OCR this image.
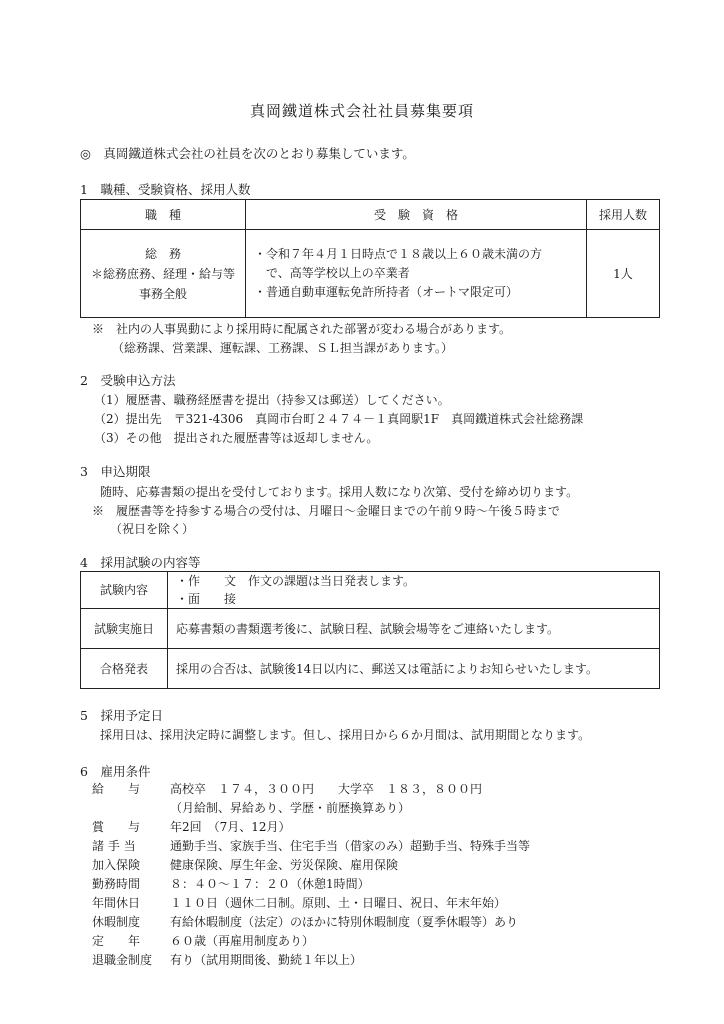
真岡鐵道株式会社社員募集要項
◎　真岡鐵道株式会社の社員を次のとおり募集しています。
1　職種、受験資格、採用人数
職　種	受　験　資　格	採用人数

総　務
＊総務庶務、経理・給与等
事務全般	・令和７年４月１日時点で１８歳以上６０歳未満の方
　で、高等学校以上の卒業者
・普通自動車運転免許所持者（オートマ限定可）	1人
※　社内の人事異動により採用時に配属された部署が変わる場合があります。
（総務課、営業課、運転課、工務課、ＳＬ担当課があります。）
2　受験申込方法
（1）履歴書、職務経歴書を提出（持参又は郵送）してください。
（2）提出先　〒321-4306　真岡市台町２４７４－１真岡駅1F　真岡鐵道株式会社総務課
（3）その他　提出された履歴書等は返却しません。
3　申込期限
随時、応募書類の提出を受付しております。採用人数になり次第、受付を締め切ります。
※　履歴書等を持参する場合の受付は、月曜日～金曜日までの午前９時～午後５時まで
（祝日を除く）
4　採用試験の内容等
試験内容	・作　　文　作文の課題は当日発表します。
・面　　接

試験実施日	応募書類の書類選考後に、試験日程、試験会場等をご連絡いたします。
合格発表	採用の合否は、試験後14日以内に、郵送又は電話によりお知らせいたします。
5　採用予定日
採用日は、採用決定時に調整します。但し、採用日から６か月間は、試用期間となります。
6　雇用条件
給　　与 高校卒　１７４，３００円　　大学卒　１８３，８００円
（月給制、昇給あり、学歴・前歴換算あり）
賞　　与 年2回　（7月、12月）
諸 手 当	通勤手当、家族手当、住宅手当（借家のみ）超勤手当、特殊手当等
加入保険 健康保険、厚生年金、労災保険、雇用保険
勤務時間 ８：４０～１７：２０（休憩1時間）
年間休日 １１０日（週休二日制。原則、土・日曜日、祝日、年末年始）
休暇制度 有給休暇制度（法定）のほかに特別休暇制度（夏季休暇等）あり
定　　年 ６０歳（再雇用制度あり）
退職金制度 有り（試用期間後、勤続１年以上）
